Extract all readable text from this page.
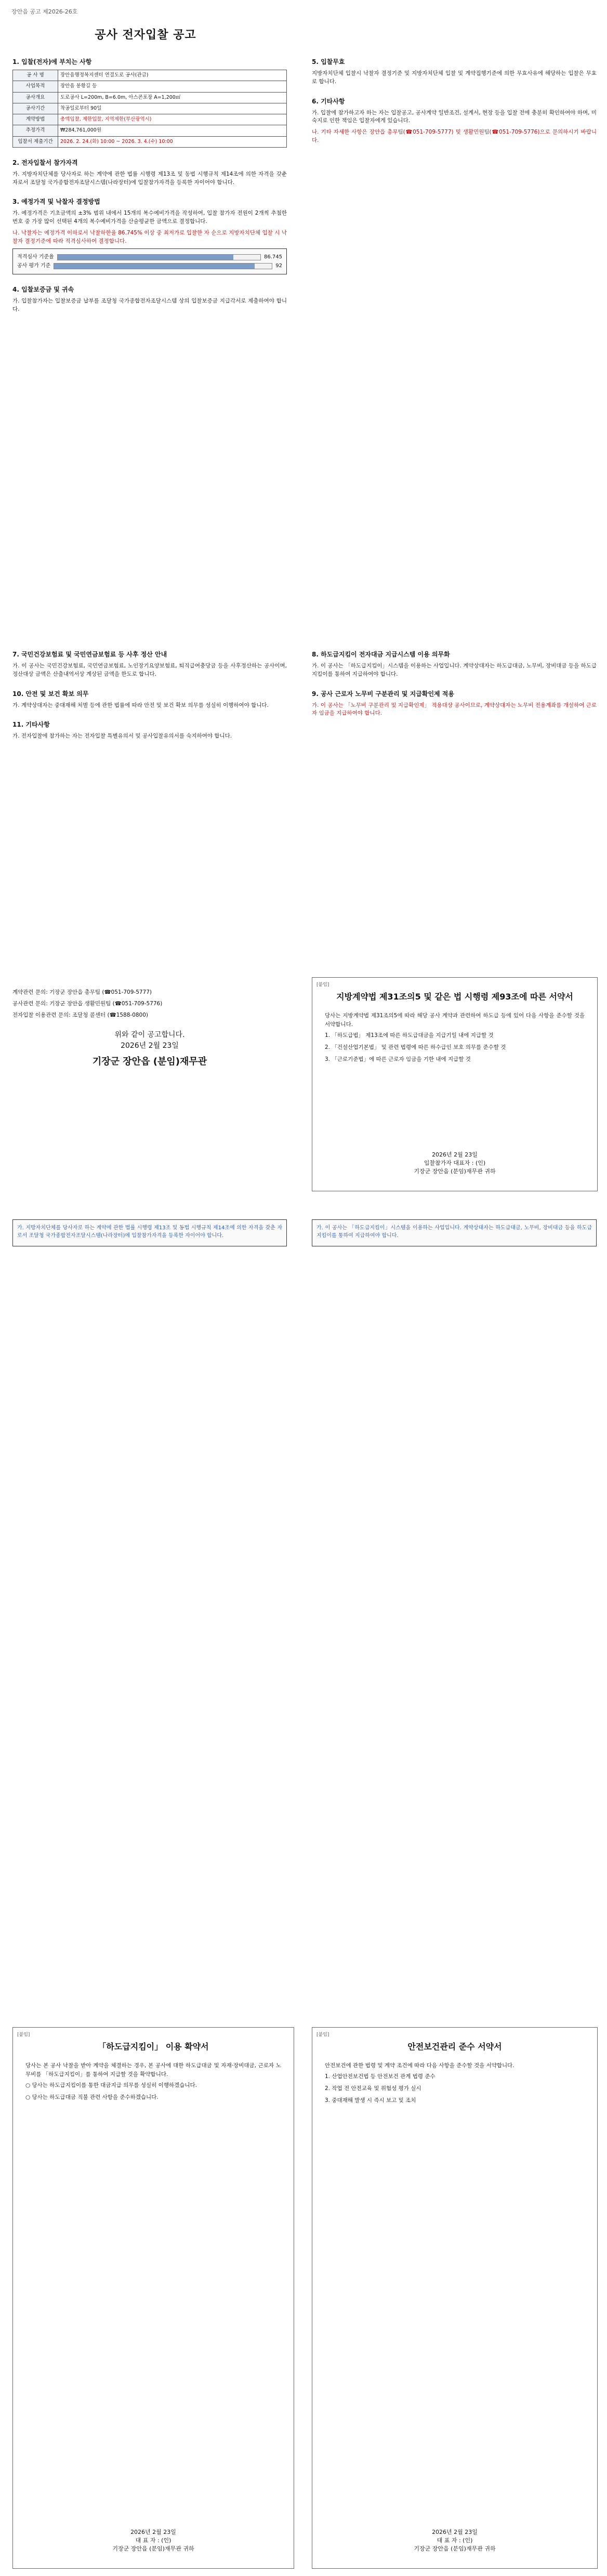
장안읍 공고 제2026-26호
공사 전자입찰 공고
1. 입찰(전자)에 부치는 사항
공 사 명	장안읍행정복지센터 연결도로 공사(관급)
사업목적	장안읍 봉황길 등
공사개요	도로공사 L=200m, B=6.0m, 아스콘포장 A=1,200㎡
공사기간	착공일로부터 90일
계약방법	총액입찰, 제한입찰, 지역제한(부산광역시)
추정가격	₩284,761,000원
입찰서 제출기간	2026. 2. 24.(화) 10:00 ~ 2026. 3. 4.(수) 10:00
2. 전자입찰서 참가자격
가. 지방자치단체를 당사자로 하는 계약에 관한 법률 시행령 제13조 및 동법 시행규칙 제14조에 의한 자격을 갖춘 자로서 조달청 국가종합전자조달시스템(나라장터)에 입찰참가자격을 등록한 자이어야 합니다.
3. 예정가격 및 낙찰자 결정방법
가. 예정가격은 기초금액의 ±3% 범위 내에서 15개의 복수예비가격을 작성하여, 입찰 참가자 전원이 2개씩 추첨한 번호 중 가장 많이 선택된 4개의 복수예비가격을 산술평균한 금액으로 결정합니다.
나. 낙찰자는 예정가격 이하로서 낙찰하한율 86.745% 이상 중 최저가로 입찰한 자 순으로 지방자치단체 입찰 시 낙찰자 결정기준에 따라 적격심사하여 결정합니다.
적격심사 기준율	86.745
공사 평가 기준	92
4. 입찰보증금 및 귀속
가. 입찰참가자는 입찰보증금 납부를 조달청 국가종합전자조달시스템 상의 입찰보증금 지급각서로 제출하여야 합니다.
5. 입찰무효
지방자치단체 입찰시 낙찰자 결정기준 및 지방자치단체 입찰 및 계약집행기준에 의한 무효사유에 해당하는 입찰은 무효로 합니다.
6. 기타사항
가. 입찰에 참가하고자 하는 자는 입찰공고, 공사계약 일반조건, 설계서, 현장 등을 입찰 전에 충분히 확인하여야 하며, 미숙지로 인한 책임은 입찰자에게 있습니다.
나. 기타 자세한 사항은 장안읍 총무팀(☎051-709-5777) 및 생활민원팀(☎051-709-5776)으로 문의하시기 바랍니다.
7. 국민건강보험료 및 국민연금보험료 등 사후 정산 안내
가. 이 공사는 국민건강보험료, 국민연금보험료, 노인장기요양보험료, 퇴직급여충당금 등을 사후정산하는 공사이며, 정산대상 금액은 산출내역서상 계상된 금액을 한도로 합니다.
10. 안전 및 보건 확보 의무
가. 계약상대자는 중대재해 처벌 등에 관한 법률에 따라 안전 및 보건 확보 의무를 성실히 이행하여야 합니다.
11. 기타사항
가. 전자입찰에 참가하는 자는 전자입찰 특별유의서 및 공사입찰유의서를 숙지하여야 합니다.
8. 하도급지킴이 전자대금 지급시스템 이용 의무화
가. 이 공사는 「하도급지킴이」시스템을 이용하는 사업입니다. 계약상대자는 하도급대금, 노무비, 장비대금 등을 하도급지킴이를 통하여 지급하여야 합니다.
9. 공사 근로자 노무비 구분관리 및 지급확인제 적용
가. 이 공사는 「노무비 구분관리 및 지급확인제」 적용대상 공사이므로, 계약상대자는 노무비 전용계좌를 개설하여 근로자 임금을 지급하여야 합니다.
계약관련 문의: 기장군 장안읍 총무팀 (☎051-709-5777)
공사관련 문의: 기장군 장안읍 생활민원팀 (☎051-709-5776)
전자입찰 이용관련 문의: 조달청 콜센터 (☎1588-0800)
위와 같이 공고합니다.
2026년 2월 23일
기장군 장안읍 (분임)재무관
[붙임]
지방계약법 제31조의5 및 같은 법 시행령 제93조에 따른 서약서
당사는 지방계약법 제31조의5에 따라 해당 공사 계약과 관련하여 하도급 등에 있어 다음 사항을 준수할 것을 서약합니다.
1. 「하도급법」 제13조에 따른 하도급대금을 지급기일 내에 지급할 것
2. 「건설산업기본법」 및 관련 법령에 따른 하수급인 보호 의무를 준수할 것
3. 「근로기준법」에 따른 근로자 임금을 기한 내에 지급할 것
2026년 2월 23일
입찰참가자 대표자 : (인)
기장군 장안읍 (분임)재무관 귀하
가. 지방자치단체를 당사자로 하는 계약에 관한 법률 시행령 제13조 및 동법 시행규칙 제14조에 의한 자격을 갖춘 자로서 조달청 국가종합전자조달시스템(나라장터)에 입찰참가자격을 등록한 자이어야 합니다.
가. 이 공사는 「하도급지킴이」시스템을 이용하는 사업입니다. 계약상대자는 하도급대금, 노무비, 장비대금 등을 하도급지킴이를 통하여 지급하여야 합니다.
[붙임]
「하도급지킴이」 이용 확약서
당사는 본 공사 낙찰을 받아 계약을 체결하는 경우, 본 공사에 대한 하도급대금 및 자재·장비대금, 근로자 노무비를 「하도급지킴이」를 통하여 지급할 것을 확약합니다.
○ 당사는 하도급지킴이를 통한 대금지급 의무를 성실히 이행하겠습니다.
○ 당사는 하도급대금 직불 관련 사항을 준수하겠습니다.
2026년 2월 23일
대 표 자 : (인)
기장군 장안읍 (분임)재무관 귀하
[붙임]
안전보건관리 준수 서약서
안전보건에 관한 법령 및 계약 조건에 따라 다음 사항을 준수할 것을 서약합니다.
1. 산업안전보건법 등 안전보건 관계 법령 준수
2. 작업 전 안전교육 및 위험성 평가 실시
3. 중대재해 발생 시 즉시 보고 및 조치
2026년 2월 23일
대 표 자 : (인)
기장군 장안읍 (분임)재무관 귀하
